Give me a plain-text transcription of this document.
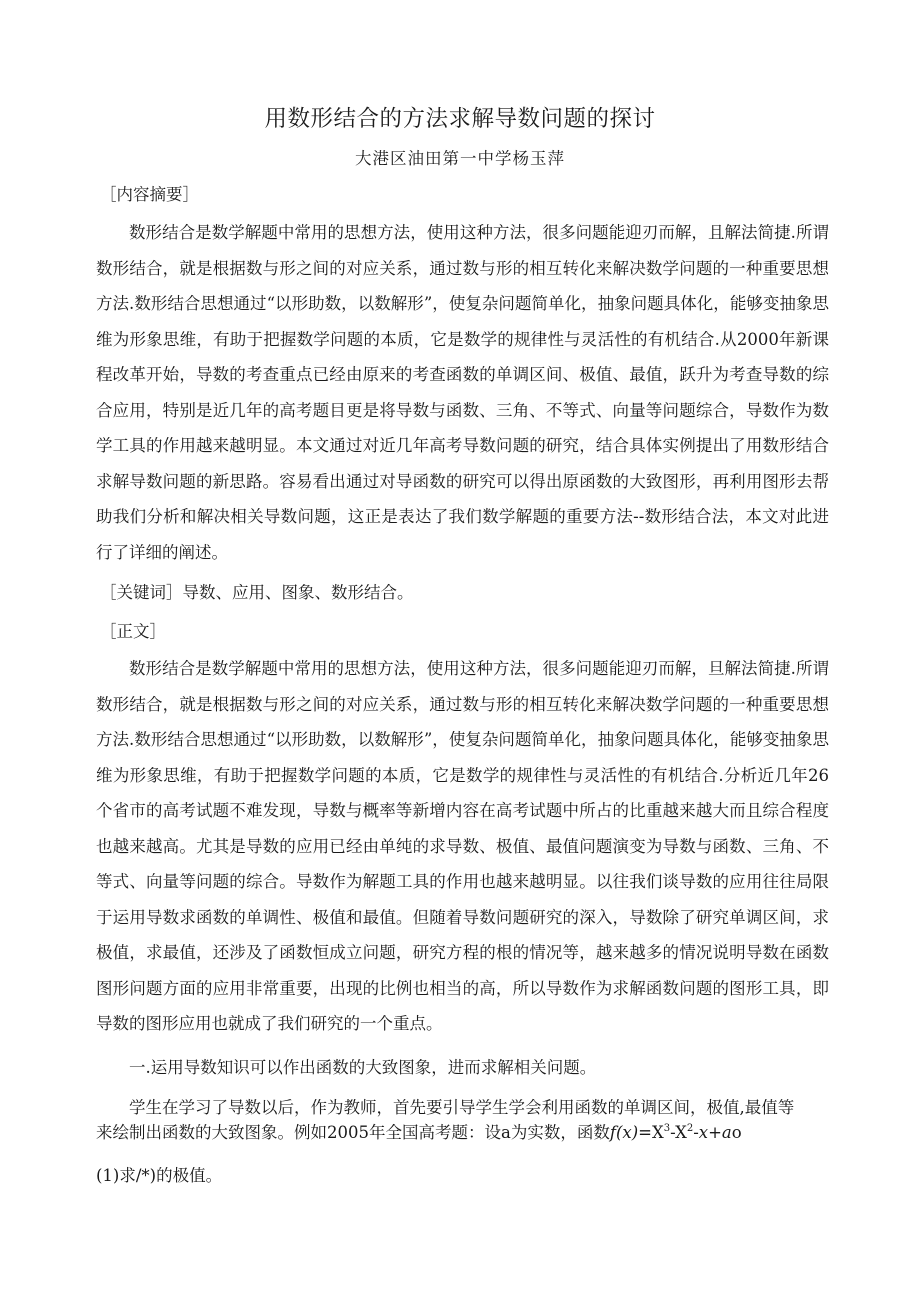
用数形结合的方法求解导数问题的探讨
大港区油田第一中学杨玉萍
［内容摘要］

数形结合是数学解题中常用的思想方法，使用这种方法，很多问题能迎刃而解，且解法简捷.所谓数形结合，就是根据数与形之间的对应关系，通过数与形的相互转化来解决数学问题的一种重要思想方法.数形结合思想通过“以形助数，以数解形”，使复杂问题简单化，抽象问题具体化，能够变抽象思维为形象思维，有助于把握数学问题的本质，它是数学的规律性与灵活性的有机结合.从2000年新课程改革开始，导数的考查重点已经由原来的考查函数的单调区间、极值、最值，跃升为考查导数的综合应用，特别是近几年的高考题目更是将导数与函数、三角、不等式、向量等问题综合，导数作为数学工具的作用越来越明显。本文通过对近几年高考导数问题的研究，结合具体实例提出了用数形结合求解导数问题的新思路。容易看出通过对导函数的研究可以得出原函数的大致图形，再利用图形去帮助我们分析和解决相关导数问题，这正是表达了我们数学解题的重要方法--数形结合法，本文对此进行了详细的阐述。

［关键词］导数、应用、图象、数形结合。
［正文］

数形结合是数学解题中常用的思想方法，使用这种方法，很多问题能迎刃而解，旦解法简捷.所谓数形结合，就是根据数与形之间的对应关系，通过数与形的相互转化来解决数学问题的一种重要思想方法.数形结合思想通过“以形助数，以数解形”，使复杂问题简单化，抽象问题具体化，能够变抽象思维为形象思维，有助于把握数学问题的本质，它是数学的规律性与灵活性的有机结合.分析近几年26个省市的高考试题不难发现，导数与概率等新增内容在高考试题中所占的比重越来越大而且综合程度也越来越高。尤其是导数的应用已经由单纯的求导数、极值、最值问题演变为导数与函数、三角、不等式、向量等问题的综合。导数作为解题工具的作用也越来越明显。以往我们谈导数的应用往往局限于运用导数求函数的单调性、极值和最值。但随着导数问题研究的深入，导数除了研究单调区间，求极值，求最值，还涉及了函数恒成立问题，研究方程的根的情况等，越来越多的情况说明导数在函数图形问题方面的应用非常重要，出现的比例也相当的高，所以导数作为求解函数问题的图形工具，即导数的图形应用也就成了我们研究的一个重点。

一.运用导数知识可以作出函数的大致图象，进而求解相关问题。
学生在学习了导数以后，作为教师，首先要引导学生学会利用函数的单调区间，极值,最值等
来绘制出函数的大致图象。例如2005年全国高考题：设a为实数，函数$f(x)=X^3-X^2-x+ao$
(1)求/*)的极值。
